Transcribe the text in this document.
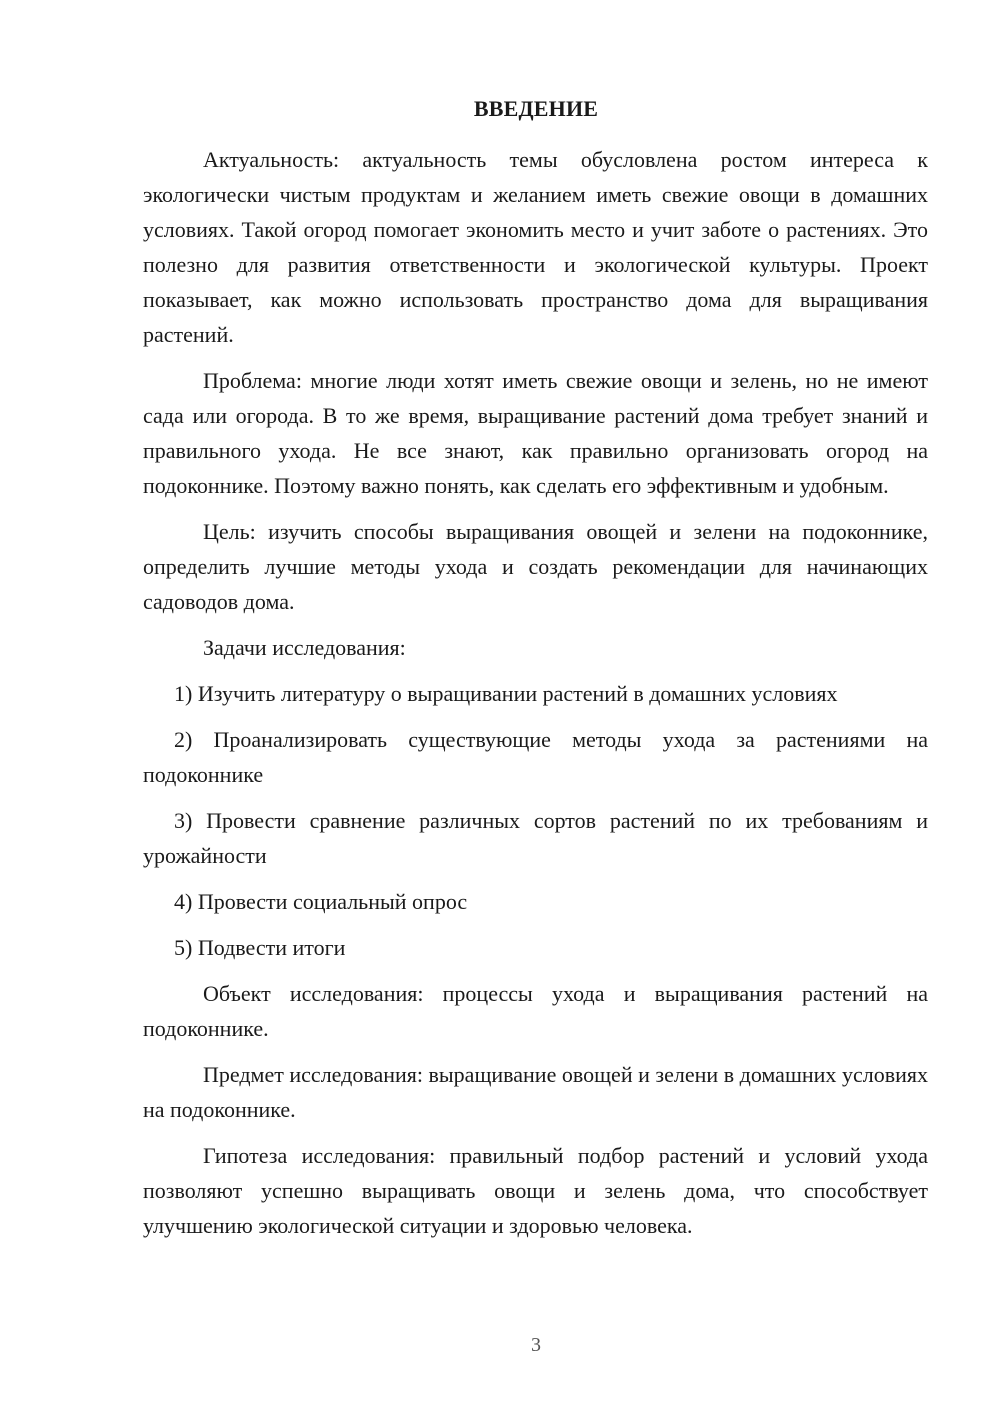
ВВЕДЕНИЕ

Актуальность: актуальность темы обусловлена ростом интереса к экологически чистым продуктам и желанием иметь свежие овощи в домашних условиях. Такой огород помогает экономить место и учит заботе о растениях. Это полезно для развития ответственности и экологической культуры. Проект показывает, как можно использовать пространство дома для выращивания растений.

Проблема: многие люди хотят иметь свежие овощи и зелень, но не имеют сада или огорода. В то же время, выращивание растений дома требует знаний и правильного ухода. Не все знают, как правильно организовать огород на подоконнике. Поэтому важно понять, как сделать его эффективным и удобным.

Цель: изучить способы выращивания овощей и зелени на подоконнике, определить лучшие методы ухода и создать рекомендации для начинающих садоводов дома.

Задачи исследования:

1) Изучить литературу о выращивании растений в домашних условиях

2) Проанализировать существующие методы ухода за растениями на подоконнике

3) Провести сравнение различных сортов растений по их требованиям и урожайности

4) Провести социальный опрос

5) Подвести итоги

Объект исследования: процессы ухода и выращивания растений на подоконнике.

Предмет исследования: выращивание овощей и зелени в домашних условиях на подоконнике.

Гипотеза исследования: правильный подбор растений и условий ухода позволяют успешно выращивать овощи и зелень дома, что способствует улучшению экологической ситуации и здоровью человека.

3
